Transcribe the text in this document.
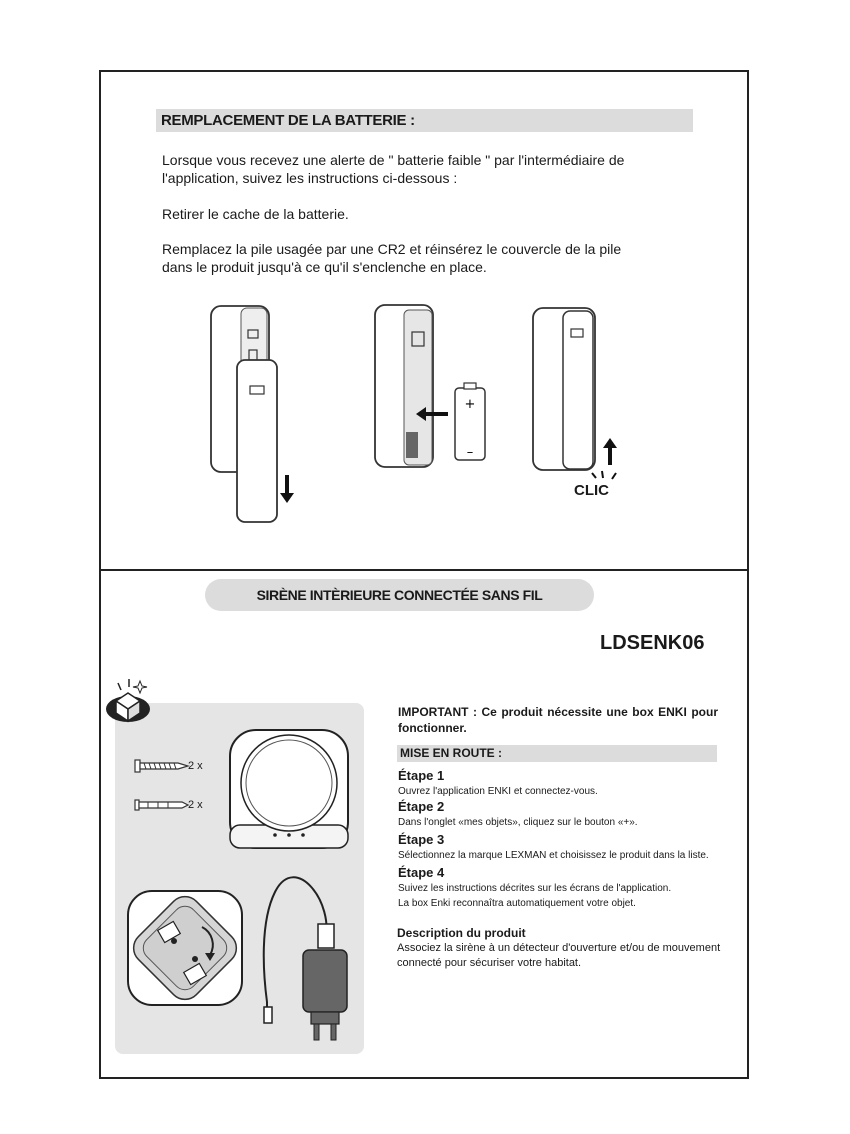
REMPLACEMENT DE LA BATTERIE :

Lorsque vous recevez une alerte de " batterie faible " par l'intermédiaire de l'application, suivez les instructions ci-dessous :

Retirer le cache de la batterie.

Remplacez la pile usagée par une CR2 et réinsérez le couvercle de la pile dans le produit jusqu'à ce qu'il s'enclenche en place.

+
–
CLIC
SIRÈNE INTÈRIEURE CONNECTÉE SANS FIL
LDSENK06
2 x
2 x

IMPORTANT : Ce produit nécessite une box ENKI pour fonctionner.

MISE EN ROUTE :
Étape 1
Ouvrez l'application ENKI et connectez-vous.
Étape 2
Dans l'onglet «mes objets», cliquez sur le bouton «+».
Étape 3
Sélectionnez la marque LEXMAN et choisissez le produit dans la liste.
Étape 4
Suivez les instructions décrites sur les écrans de l'application.
La box Enki reconnaîtra automatiquement votre objet.
Description du produit

Associez la sirène à un détecteur d'ouverture et/ou de mouvement connecté pour sécuriser votre habitat.
